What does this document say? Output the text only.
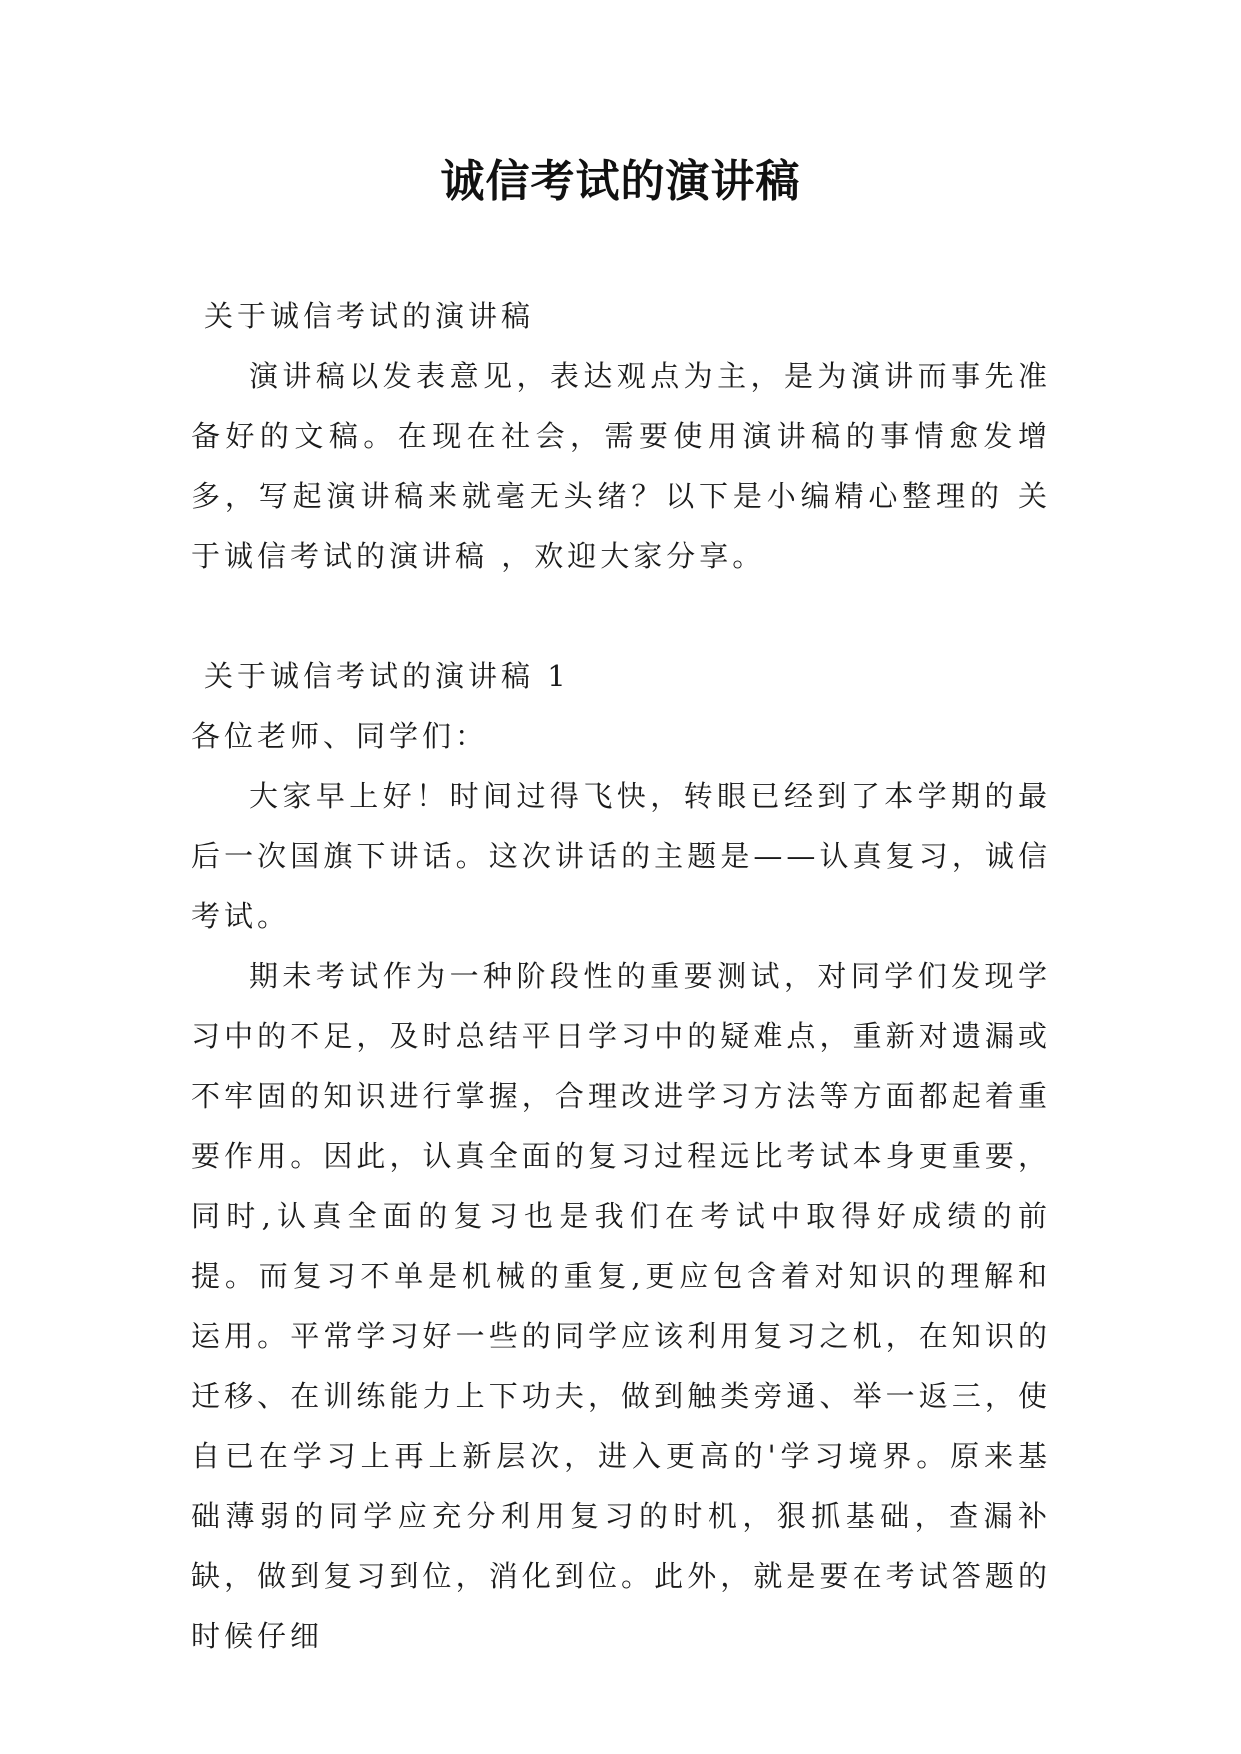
诚信考试的演讲稿

关于诚信考试的演讲稿

演讲稿以发表意见，表达观点为主，是为演讲而事先准备好的文稿。在现在社会，需要使用演讲稿的事情愈发增多，写起演讲稿来就毫无头绪？以下是小编精心整理的 关于诚信考试的演讲稿 ，欢迎大家分享。

关于诚信考试的演讲稿 1

各位老师、同学们：

大家早上好！时间过得飞快，转眼已经到了本学期的最后一次国旗下讲话。这次讲话的主题是——认真复习，诚信考试。

期未考试作为一种阶段性的重要测试，对同学们发现学习中的不足，及时总结平日学习中的疑难点，重新对遗漏或不牢固的知识进行掌握，合理改进学习方法等方面都起着重要作用。因此，认真全面的复习过程远比考试本身更重要，同时,认真全面的复习也是我们在考试中取得好成绩的前提。而复习不单是机械的重复,更应包含着对知识的理解和运用。平常学习好一些的同学应该利用复习之机，在知识的迁移、在训练能力上下功夫，做到触类旁通、举一返三，使自已在学习上再上新层次，进入更高的'学习境界。原来基础薄弱的同学应充分利用复习的时机，狠抓基础，查漏补缺，做到复习到位，消化到位。此外，就是要在考试答题的时候仔细
